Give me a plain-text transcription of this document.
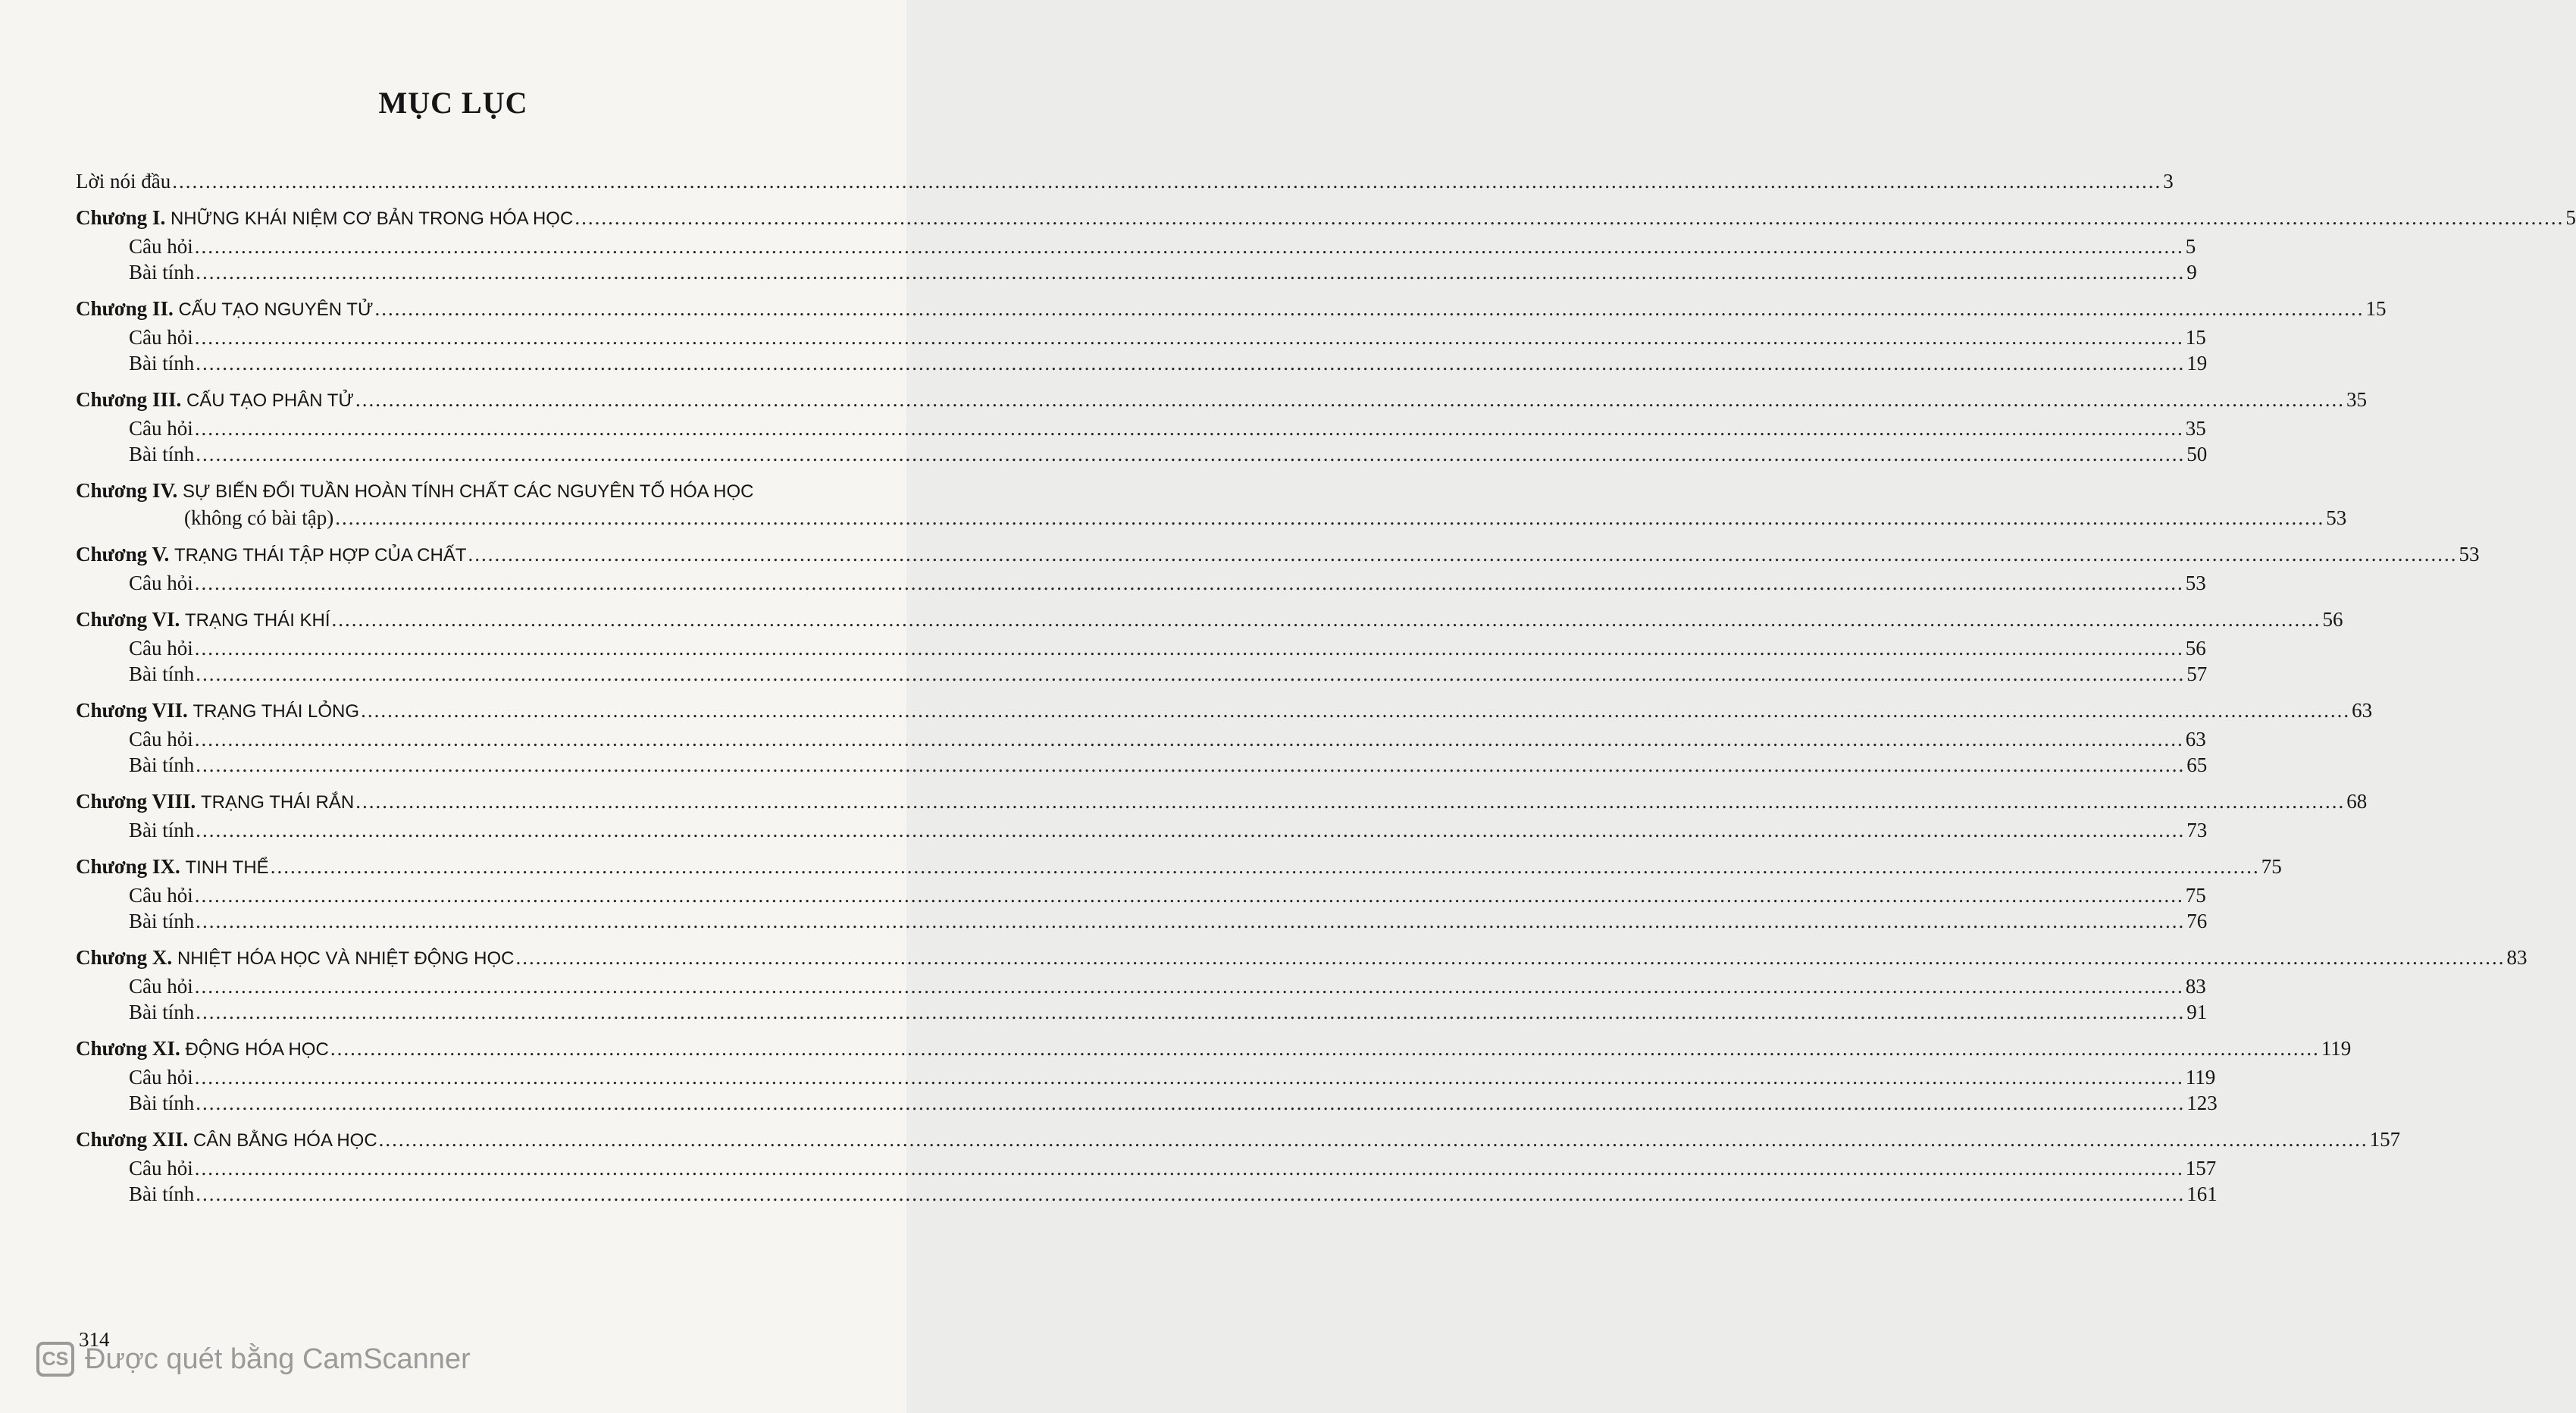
MỤC LỤC
Lời nói đầu ............................................................................................................................................................................................................................................................................................................ 3
Chương I. NHỮNG KHÁI NIỆM CƠ BẢN TRONG HÓA HỌC ............................................................................................................................................................................................................................................................................................................ 5
Câu hỏi ............................................................................................................................................................................................................................................................................................................ 5
Bài tính ............................................................................................................................................................................................................................................................................................................ 9
Chương II. CẤU TẠO NGUYÊN TỬ ............................................................................................................................................................................................................................................................................................................ 15
Câu hỏi ............................................................................................................................................................................................................................................................................................................ 15
Bài tính ............................................................................................................................................................................................................................................................................................................ 19
Chương III. CẤU TẠO PHÂN TỬ ............................................................................................................................................................................................................................................................................................................ 35
Câu hỏi ............................................................................................................................................................................................................................................................................................................ 35
Bài tính ............................................................................................................................................................................................................................................................................................................ 50
Chương IV. SỰ BIẾN ĐỔI TUẦN HOÀN TÍNH CHẤT CÁC NGUYÊN TỐ HÓA HỌC
(không có bài tập) ............................................................................................................................................................................................................................................................................................................ 53
Chương V. TRẠNG THÁI TẬP HỢP CỦA CHẤT ............................................................................................................................................................................................................................................................................................................ 53
Câu hỏi ............................................................................................................................................................................................................................................................................................................ 53
Chương VI. TRẠNG THÁI KHÍ ............................................................................................................................................................................................................................................................................................................ 56
Câu hỏi ............................................................................................................................................................................................................................................................................................................ 56
Bài tính ............................................................................................................................................................................................................................................................................................................ 57
Chương VII. TRẠNG THÁI LỎNG ............................................................................................................................................................................................................................................................................................................ 63
Câu hỏi ............................................................................................................................................................................................................................................................................................................ 63
Bài tính ............................................................................................................................................................................................................................................................................................................ 65
Chương VIII. TRẠNG THÁI RẮN ............................................................................................................................................................................................................................................................................................................ 68
Bài tính ............................................................................................................................................................................................................................................................................................................ 73
Chương IX. TINH THỂ ............................................................................................................................................................................................................................................................................................................ 75
Câu hỏi ............................................................................................................................................................................................................................................................................................................ 75
Bài tính ............................................................................................................................................................................................................................................................................................................ 76
Chương X. NHIỆT HÓA HỌC VÀ NHIỆT ĐỘNG HỌC ............................................................................................................................................................................................................................................................................................................ 83
Câu hỏi ............................................................................................................................................................................................................................................................................................................ 83
Bài tính ............................................................................................................................................................................................................................................................................................................ 91
Chương XI. ĐỘNG HÓA HỌC ............................................................................................................................................................................................................................................................................................................ 119
Câu hỏi ............................................................................................................................................................................................................................................................................................................ 119
Bài tính ............................................................................................................................................................................................................................................................................................................ 123
Chương XII. CÂN BẰNG HÓA HỌC ............................................................................................................................................................................................................................................................................................................ 157
Câu hỏi ............................................................................................................................................................................................................................................................................................................ 157
Bài tính ............................................................................................................................................................................................................................................................................................................ 161
314
CS Được quét bằng CamScanner
